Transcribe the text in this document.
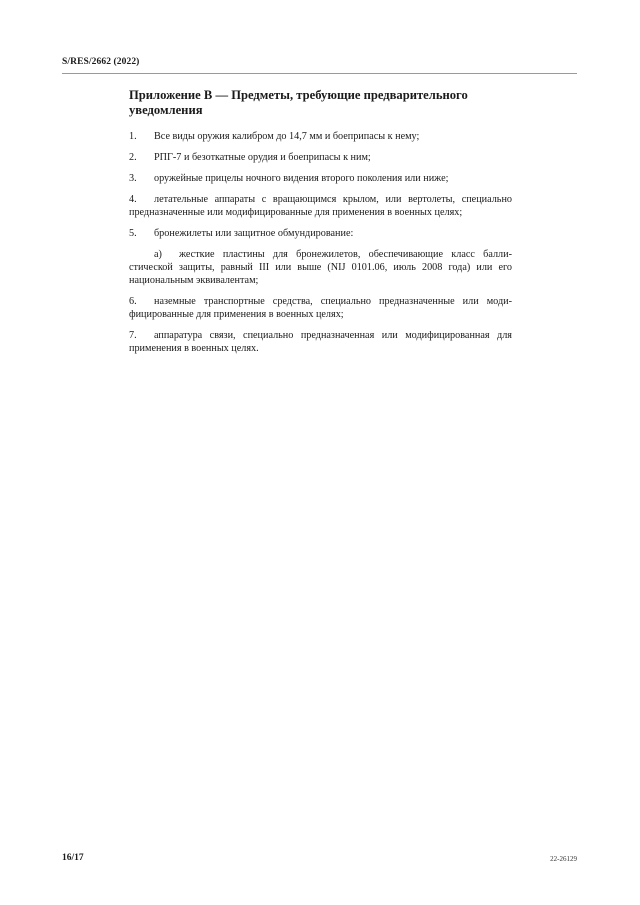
S/RES/2662 (2022)
Приложение B — Предметы, требующие предварительного уведомления

1. Все виды оружия калибром до 14,7 мм и боеприпасы к нему;

2. РПГ-7 и безоткатные орудия и боеприпасы к ним;

3. оружейные прицелы ночного видения второго поколения или ниже;

4. летательные аппараты с вращающимся крылом, или вертолеты, специально предназначенные или модифицированные для применения в военных целях;

5. бронежилеты или защитное обмундирование:

a) жесткие пластины для бронежилетов, обеспечивающие класс баллистической защиты, равный III или выше (NIJ 0101.06, июль 2008 года) или его национальным эквивалентам;

6. наземные транспортные средства, специально предназначенные или модифицированные для применения в военных целях;

7. аппаратура связи, специально предназначенная или модифицированная для применения в военных целях.

16/17	22-26129
